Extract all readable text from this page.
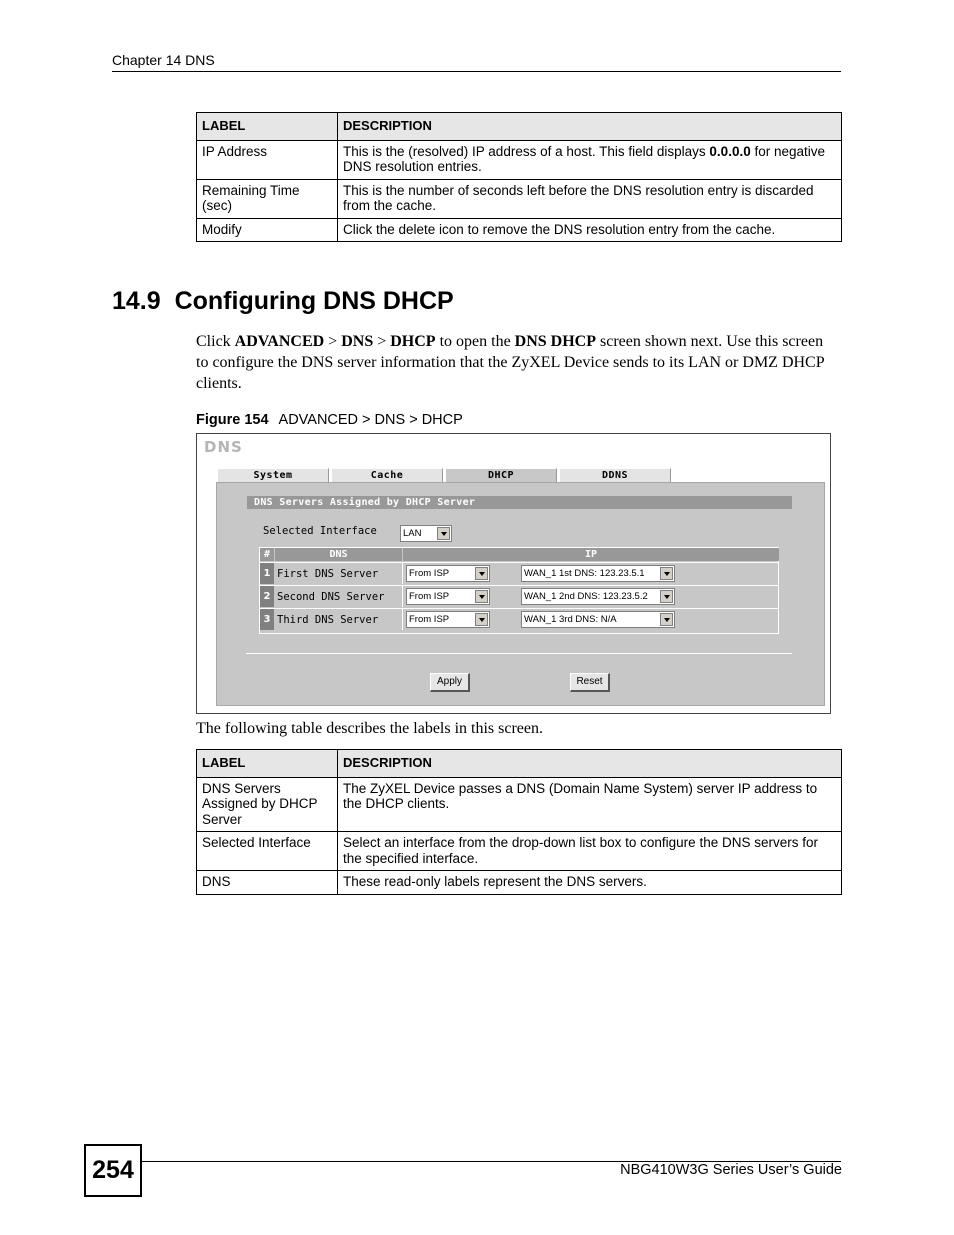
Chapter 14 DNS
LABEL	DESCRIPTION
IP Address	This is the (resolved) IP address of a host. This field displays 0.0.0.0 for negative DNS resolution entries.
Remaining Time (sec)	This is the number of seconds left before the DNS resolution entry is discarded from the cache.
Modify	Click the delete icon to remove the DNS resolution entry from the cache.
14.9 Configuring DNS DHCP
Click ADVANCED > DNS > DHCP to open the DNS DHCP screen shown next. Use this screen to configure the DNS server information that the ZyXEL Device sends to its LAN or DMZ DHCP clients.
Figure 154 ADVANCED > DNS > DHCP
DNS
System	Cache	DHCP	DDNS
DNS Servers Assigned by DHCP Server
Selected Interface	LAN
#	DNS	IP
1 First DNS Server	From ISP	WAN_1 1st DNS: 123.23.5.1
2 Second DNS Server	From ISP	WAN_1 2nd DNS: 123.23.5.2
3 Third DNS Server	From ISP	WAN_1 3rd DNS: N/A
Apply	Reset
The following table describes the labels in this screen.
LABEL	DESCRIPTION
DNS Servers Assigned by DHCP Server	The ZyXEL Device passes a DNS (Domain Name System) server IP address to the DHCP clients.
Selected Interface	Select an interface from the drop-down list box to configure the DNS servers for the specified interface.
DNS	These read-only labels represent the DNS servers.
254	NBG410W3G Series User’s Guide
